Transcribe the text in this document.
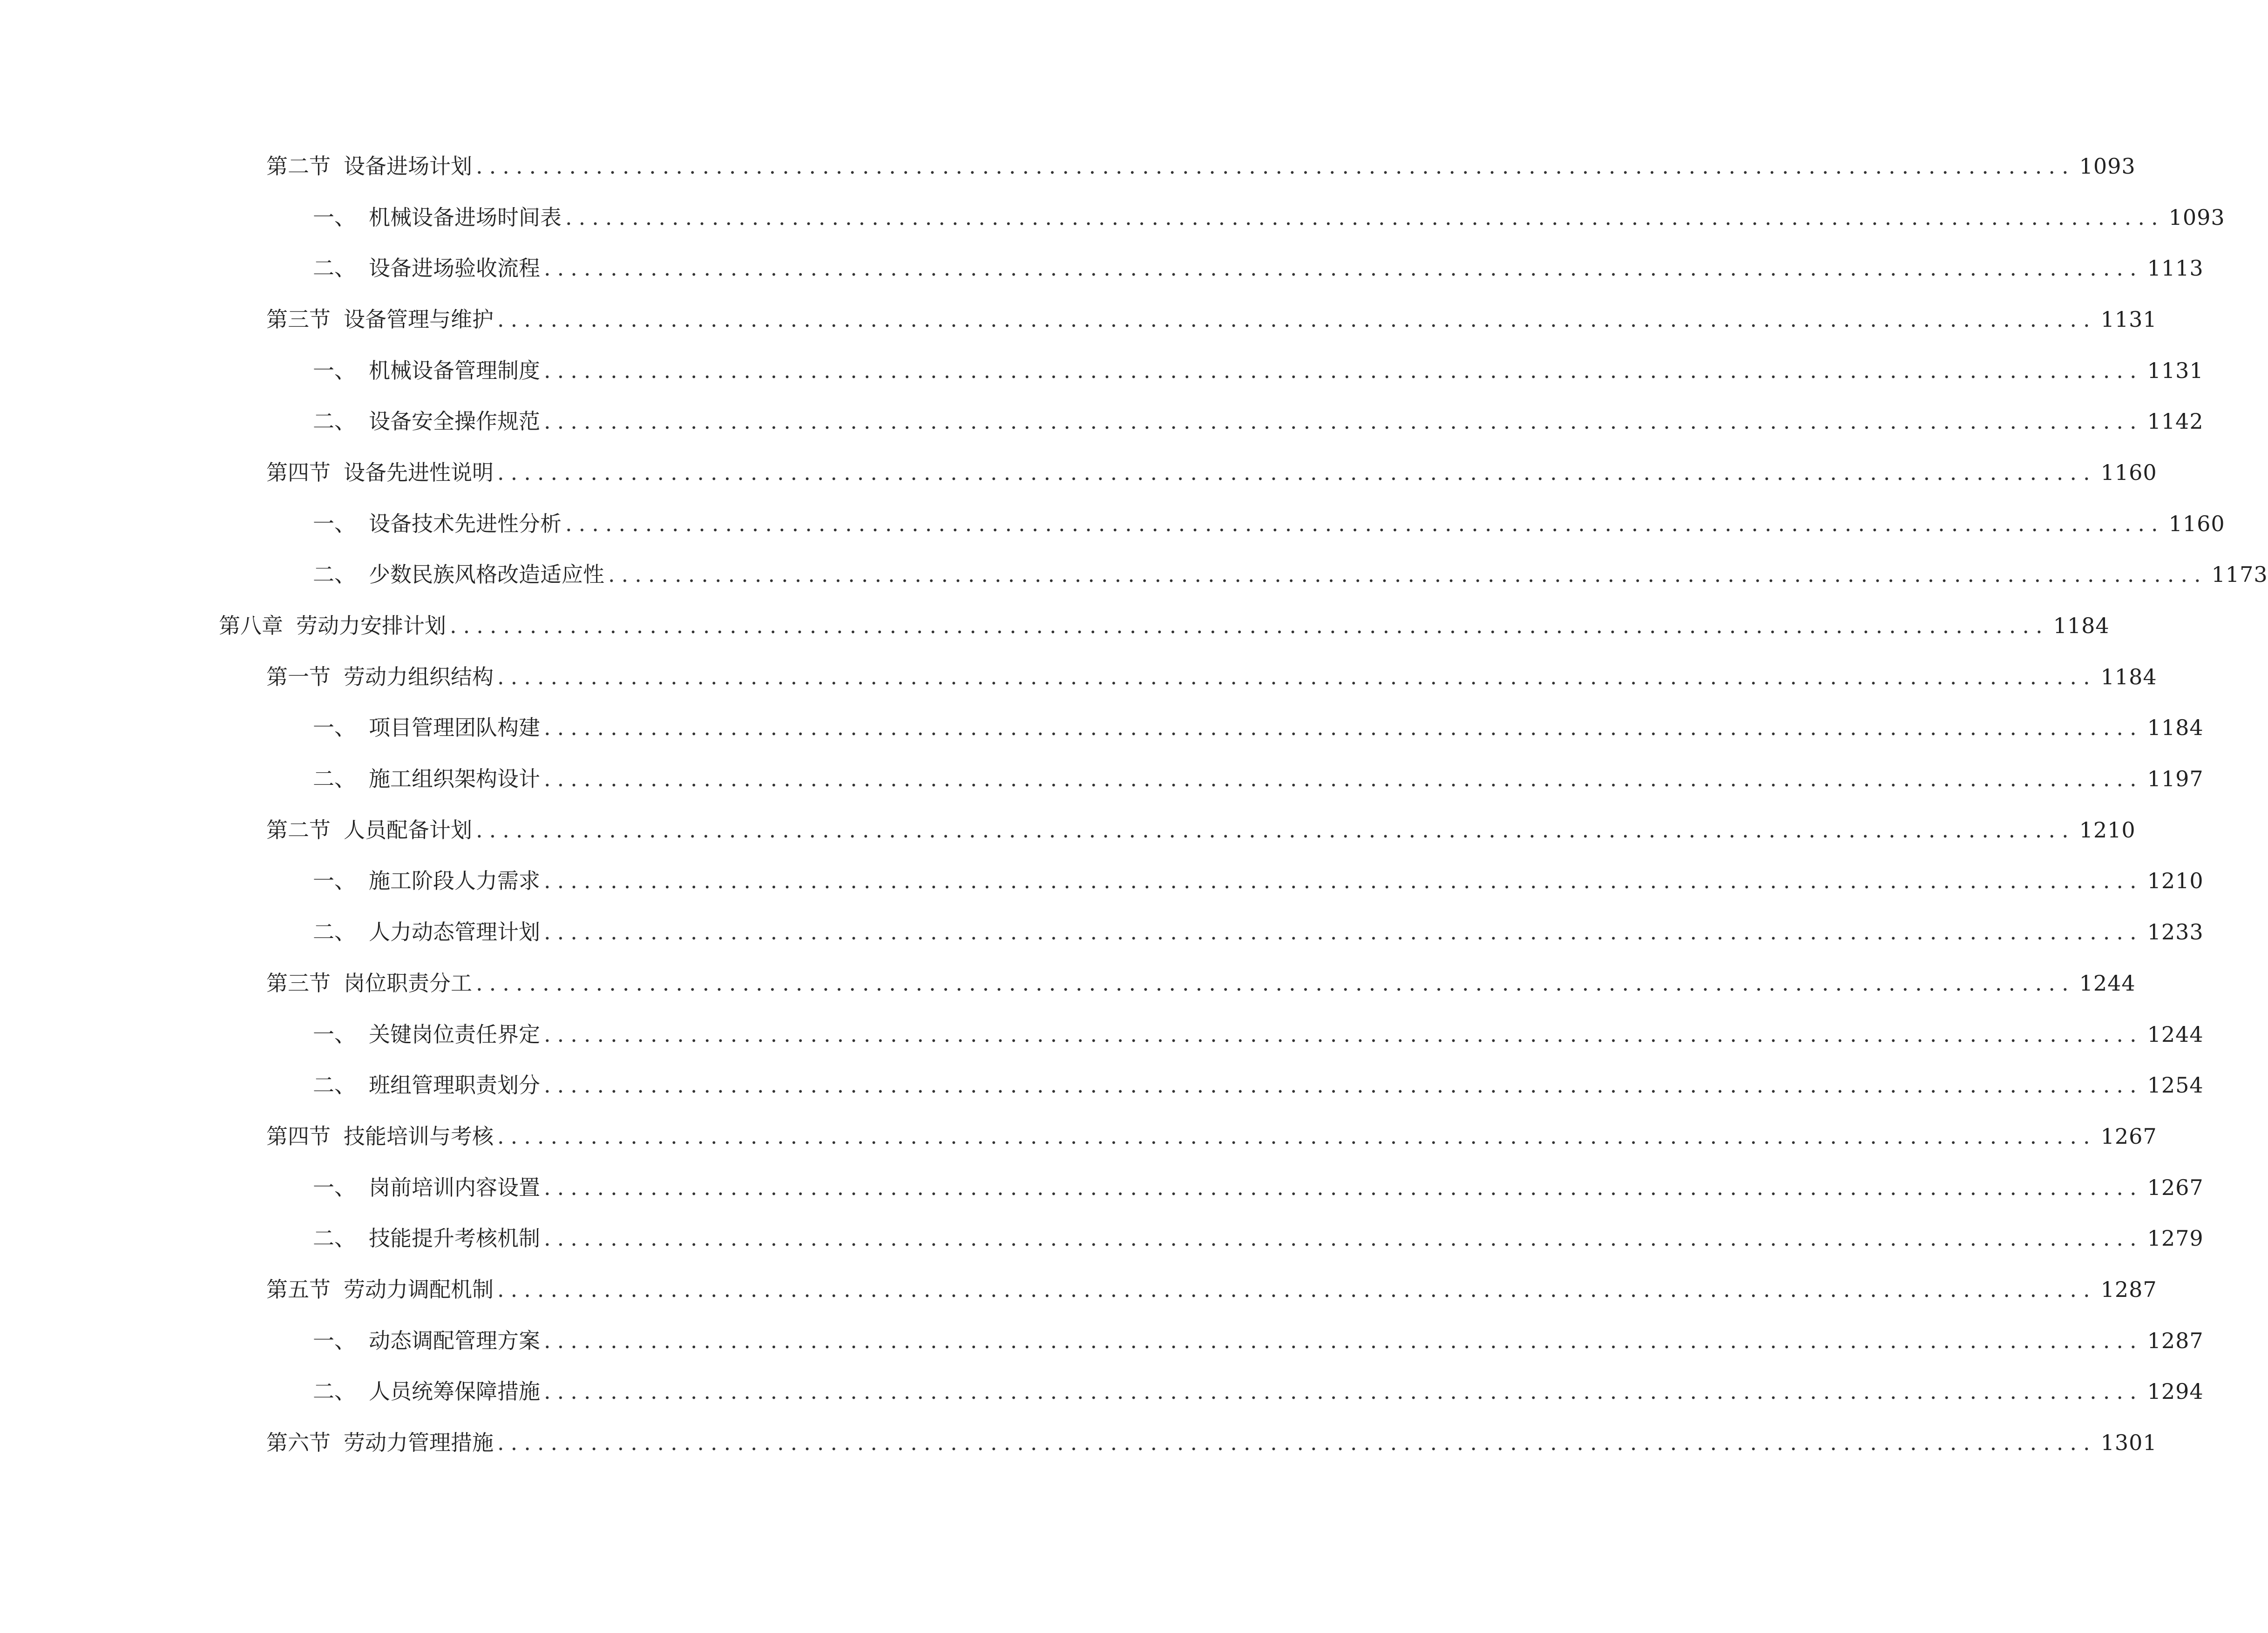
第二节 设备进场计划 ........................................................................................................................ 1093
一、 机械设备进场时间表 ........................................................................................................................ 1093
二、 设备进场验收流程 ........................................................................................................................ 1113
第三节 设备管理与维护 ........................................................................................................................ 1131
一、 机械设备管理制度 ........................................................................................................................ 1131
二、 设备安全操作规范 ........................................................................................................................ 1142
第四节 设备先进性说明 ........................................................................................................................ 1160
一、 设备技术先进性分析 ........................................................................................................................ 1160
二、 少数民族风格改造适应性 ........................................................................................................................ 1173
第八章 劳动力安排计划 ........................................................................................................................ 1184
第一节 劳动力组织结构 ........................................................................................................................ 1184
一、 项目管理团队构建 ........................................................................................................................ 1184
二、 施工组织架构设计 ........................................................................................................................ 1197
第二节 人员配备计划 ........................................................................................................................ 1210
一、 施工阶段人力需求 ........................................................................................................................ 1210
二、 人力动态管理计划 ........................................................................................................................ 1233
第三节 岗位职责分工 ........................................................................................................................ 1244
一、 关键岗位责任界定 ........................................................................................................................ 1244
二、 班组管理职责划分 ........................................................................................................................ 1254
第四节 技能培训与考核 ........................................................................................................................ 1267
一、 岗前培训内容设置 ........................................................................................................................ 1267
二、 技能提升考核机制 ........................................................................................................................ 1279
第五节 劳动力调配机制 ........................................................................................................................ 1287
一、 动态调配管理方案 ........................................................................................................................ 1287
二、 人员统筹保障措施 ........................................................................................................................ 1294
第六节 劳动力管理措施 ........................................................................................................................ 1301
